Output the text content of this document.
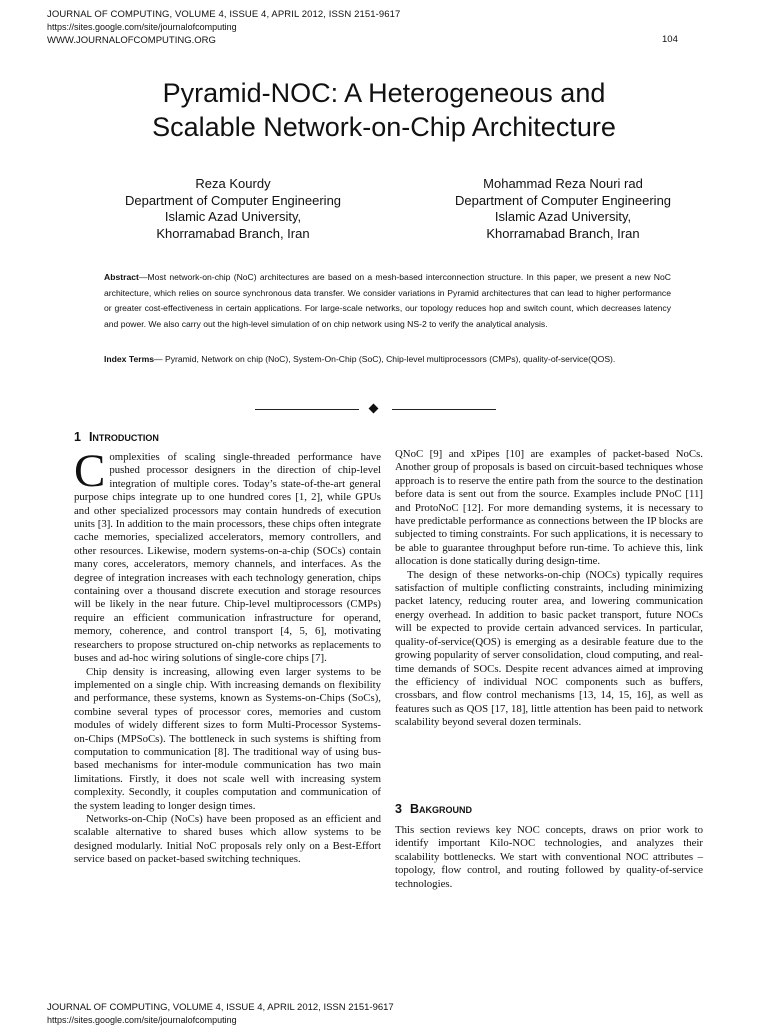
JOURNAL OF COMPUTING, VOLUME 4, ISSUE 4, APRIL 2012, ISSN 2151-9617
https://sites.google.com/site/journalofcomputing
WWW.JOURNALOFCOMPUTING.ORG	104
Pyramid-NOC: A Heterogeneous and
Scalable Network-on-Chip Architecture
Reza Kourdy
Department of Computer Engineering
Islamic Azad University,
Khorramabad Branch, Iran
Mohammad Reza Nouri rad
Department of Computer Engineering
Islamic Azad University,
Khorramabad Branch, Iran
Abstract—Most network-on-chip (NoC) architectures are based on a mesh-based interconnection structure. In this paper, we present a new NoC architecture, which relies on source synchronous data transfer. We consider variations in Pyramid architectures that can lead to higher performance or greater cost-effectiveness in certain applications. For large-scale networks, our topology reduces hop and switch count, which decreases latency and power. We also carry out the high-level simulation of on chip network using NS-2 to verify the analytical analysis.
Index Terms— Pyramid, Network on chip (NoC), System-On-Chip (SoC), Chip-level multiprocessors (CMPs), quality-of-service(QOS).
1 Introduction

Complexities of scaling single-threaded performance have pushed processor designers in the direction of chip-level integration of multiple cores. Today’s state-of-the-art general purpose chips integrate up to one hundred cores [1, 2], while GPUs and other specialized processors may contain hundreds of execution units [3]. In addition to the main processors, these chips often integrate cache memories, specialized accelerators, memory controllers, and other resources. Likewise, modern systems-on-a-chip (SOCs) contain many cores, accelerators, memory channels, and interfaces. As the degree of integration increases with each technology generation, chips containing over a thousand discrete execution and storage resources will be likely in the near future. Chip-level multiprocessors (CMPs) require an efficient communication infrastructure for operand, memory, coherence, and control transport [4, 5, 6], motivating researchers to propose structured on-chip networks as replacements to buses and ad-hoc wiring solutions of single-core chips [7].

Chip density is increasing, allowing even larger systems to be implemented on a single chip. With increasing demands on flexibility and performance, these systems, known as Systems-on-Chips (SoCs), combine several types of processor cores, memories and custom modules of widely different sizes to form Multi-Processor Systems-on-Chips (MPSoCs). The bottleneck in such systems is shifting from computation to communication [8]. The traditional way of using bus-based mechanisms for inter-module communication has two main limitations. Firstly, it does not scale well with increasing system complexity. Secondly, it couples computation and communication of the system leading to longer design times.

Networks-on-Chip (NoCs) have been proposed as an efficient and scalable alternative to shared buses which allow systems to be designed modularly. Initial NoC proposals rely only on a Best-Effort service based on packet-based switching techniques.

QNoC [9] and xPipes [10] are examples of packet-based NoCs. Another group of proposals is based on circuit-based techniques whose approach is to reserve the entire path from the source to the destination before data is sent out from the source. Examples include PNoC [11] and ProtoNoC [12]. For more demanding systems, it is necessary to have predictable performance as connections between the IP blocks are subjected to timing constraints. For such applications, it is necessary to be able to guarantee throughput before run-time. To achieve this, link allocation is done statically during design-time.

The design of these networks-on-chip (NOCs) typically requires satisfaction of multiple conflicting constraints, including minimizing packet latency, reducing router area, and lowering communication energy overhead. In addition to basic packet transport, future NOCs will be expected to provide certain advanced services. In particular, quality-of-service(QOS) is emerging as a desirable feature due to the growing popularity of server consolidation, cloud computing, and real-time demands of SOCs. Despite recent advances aimed at improving the efficiency of individual NOC components such as buffers, crossbars, and flow control mechanisms [13, 14, 15, 16], as well as features such as QOS [17, 18], little attention has been paid to network scalability beyond several dozen terminals.

3 Bakground

This section reviews key NOC concepts, draws on prior work to identify important Kilo-NOC technologies, and analyzes their scalability bottlenecks. We start with conventional NOC attributes – topology, flow control, and routing followed by quality-of-service technologies.

JOURNAL OF COMPUTING, VOLUME 4, ISSUE 4, APRIL 2012, ISSN 2151-9617
https://sites.google.com/site/journalofcomputing
